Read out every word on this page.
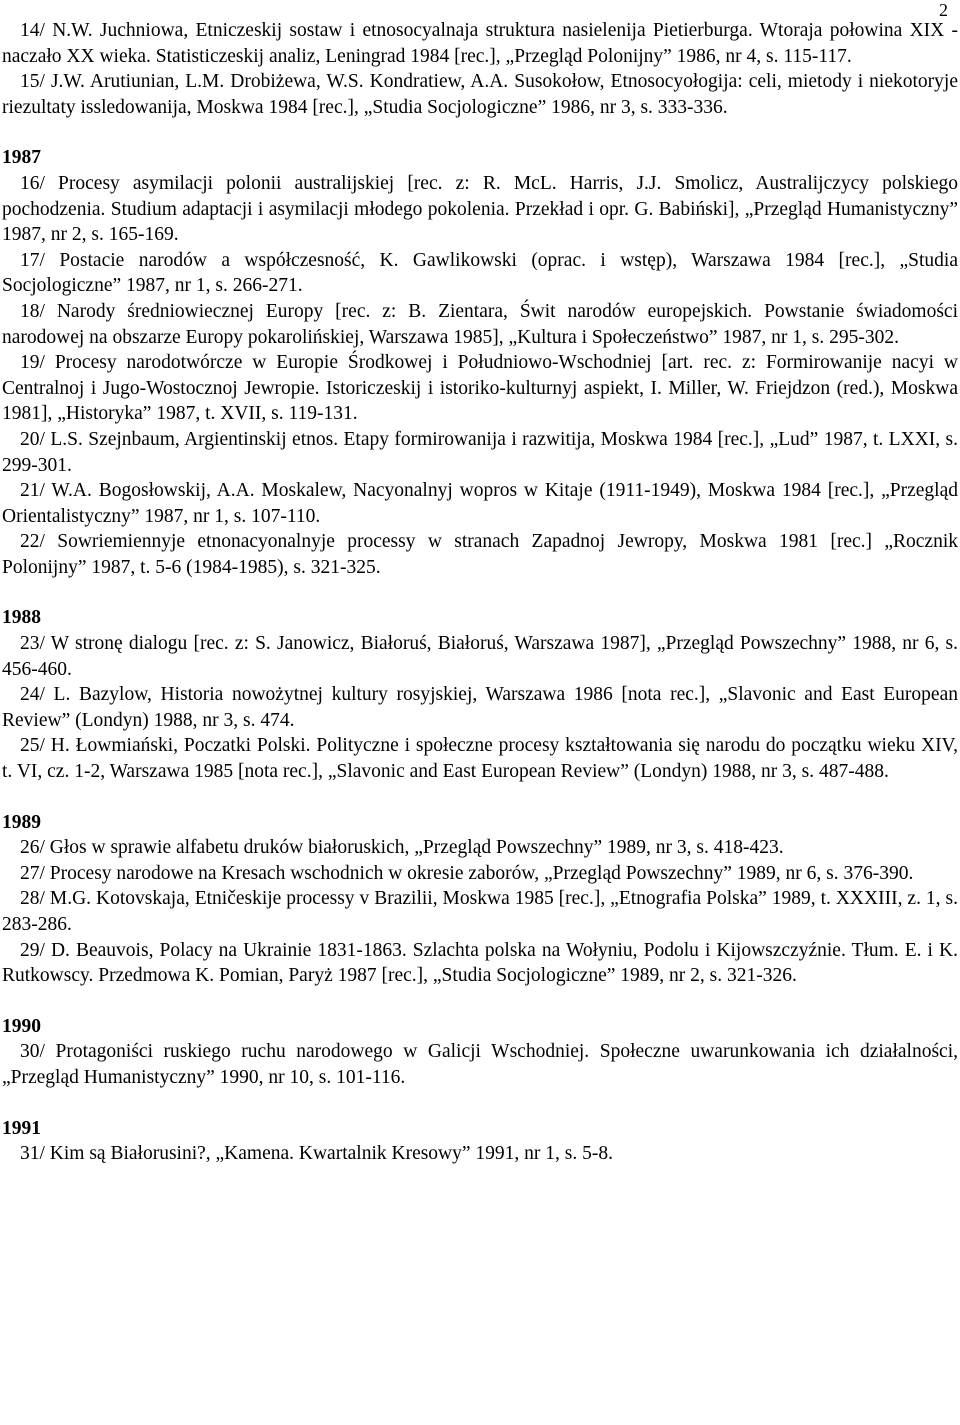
2

14/ N.W. Juchniowa, Etniczeskij sostaw i etnosocyalnaja struktura nasielenija Pietierburga. Wtoraja połowina XIX - naczało XX wieka. Statisticzeskij analiz, Leningrad 1984 [rec.], „Przegląd Polonijny” 1986, nr 4, s. 115-117.

15/ J.W. Arutiunian, L.M. Drobiżewa, W.S. Kondratiew, A.A. Susokołow, Etnosocyołogija: celi, mietody i niekotoryje riezultaty issledowanija, Moskwa 1984 [rec.], „Studia Socjologiczne” 1986, nr 3, s. 333-336.

1987

16/ Procesy asymilacji polonii australijskiej [rec. z: R. McL. Harris, J.J. Smolicz, Australijczycy polskiego pochodzenia. Studium adaptacji i asymilacji młodego pokolenia. Przekład i opr. G. Babiński], „Przegląd Humanistyczny” 1987, nr 2, s. 165-169.

17/ Postacie narodów a współczesność, K. Gawlikowski (oprac. i wstęp), Warszawa 1984 [rec.], „Studia Socjologiczne” 1987, nr 1, s. 266-271.

18/ Narody średniowiecznej Europy [rec. z: B. Zientara, Świt narodów europejskich. Powstanie świadomości narodowej na obszarze Europy pokarolińskiej, Warszawa 1985], „Kultura i Społeczeństwo” 1987, nr 1, s. 295-302.

19/ Procesy narodotwórcze w Europie Środkowej i Południowo-Wschodniej [art. rec. z: Formirowanije nacyi w Centralnoj i Jugo-Wostocznoj Jewropie. Istoriczeskij i istoriko-kulturnyj aspiekt, I. Miller, W. Friejdzon (red.), Moskwa 1981], „Historyka” 1987, t. XVII, s. 119-131.

20/ L.S. Szejnbaum, Argientinskij etnos. Etapy formirowanija i razwitija, Moskwa 1984 [rec.], „Lud” 1987, t. LXXI, s. 299-301.

21/ W.A. Bogosłowskij, A.A. Moskalew, Nacyonalnyj wopros w Kitaje (1911-1949), Moskwa 1984 [rec.], „Przegląd Orientalistyczny” 1987, nr 1, s. 107-110.

22/ Sowriemiennyje etnonacyonalnyje processy w stranach Zapadnoj Jewropy, Moskwa 1981 [rec.] „Rocznik Polonijny” 1987, t. 5-6 (1984-1985), s. 321-325.

1988

23/ W stronę dialogu [rec. z: S. Janowicz, Białoruś, Białoruś, Warszawa 1987], „Przegląd Powszechny” 1988, nr 6, s. 456-460.

24/ L. Bazylow, Historia nowożytnej kultury rosyjskiej, Warszawa 1986 [nota rec.], „Slavonic and East European Review” (Londyn) 1988, nr 3, s. 474.

25/ H. Łowmiański, Poczatki Polski. Polityczne i społeczne procesy kształtowania się narodu do początku wieku XIV, t. VI, cz. 1-2, Warszawa 1985 [nota rec.], „Slavonic and East European Review” (Londyn) 1988, nr 3, s. 487-488.

1989

26/ Głos w sprawie alfabetu druków białoruskich, „Przegląd Powszechny” 1989, nr 3, s. 418-423.

27/ Procesy narodowe na Kresach wschodnich w okresie zaborów, „Przegląd Powszechny” 1989, nr 6, s. 376-390.

28/ M.G. Kotovskaja, Etničeskije processy v Brazilii, Moskwa 1985 [rec.], „Etnografia Polska” 1989, t. XXXIII, z. 1, s. 283-286.

29/ D. Beauvois, Polacy na Ukrainie 1831-1863. Szlachta polska na Wołyniu, Podolu i Kijowszczyźnie. Tłum. E. i K. Rutkowscy. Przedmowa K. Pomian, Paryż 1987 [rec.], „Studia Socjologiczne” 1989, nr 2, s. 321-326.

1990

30/ Protagoniści ruskiego ruchu narodowego w Galicji Wschodniej. Społeczne uwarunkowania ich działalności, „Przegląd Humanistyczny” 1990, nr 10, s. 101-116.

1991

31/ Kim są Białorusini?, „Kamena. Kwartalnik Kresowy” 1991, nr 1, s. 5-8.
